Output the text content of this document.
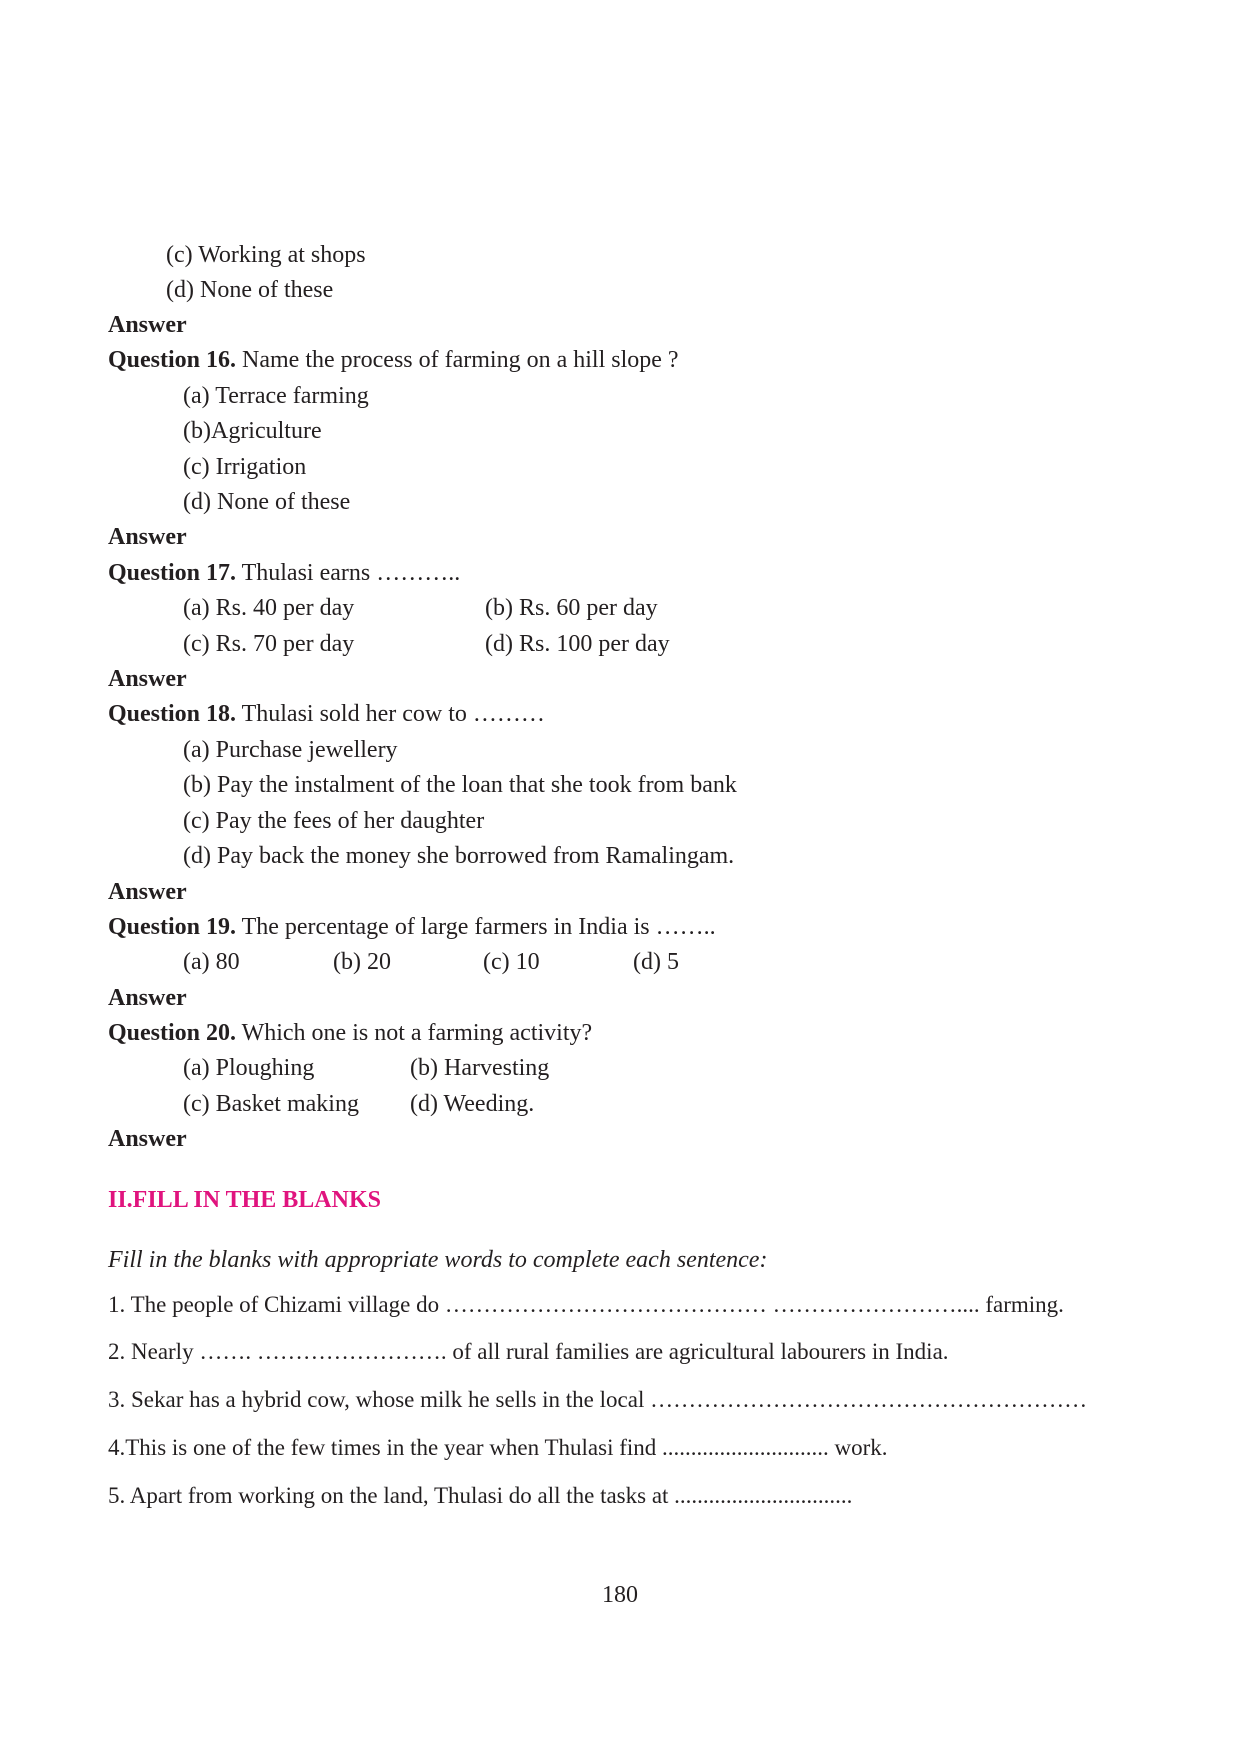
(c) Working at shops
(d) None of these
Answer
Question 16. Name the process of farming on a hill slope ?
(a) Terrace farming
(b)Agriculture
(c) Irrigation
(d) None of these
Answer
Question 17. Thulasi earns ………..
(a) Rs. 40 per day	(b) Rs. 60 per day
(c) Rs. 70 per day	(d) Rs. 100 per day
Answer
Question 18. Thulasi sold her cow to ………
(a) Purchase jewellery
(b) Pay the instalment of the loan that she took from bank
(c) Pay the fees of her daughter
(d) Pay back the money she borrowed from Ramalingam.
Answer
Question 19. The percentage of large farmers in India is ……..
(a) 80	(b) 20	(c) 10	(d) 5
Answer
Question 20. Which one is not a farming activity?
(a) Ploughing	(b) Harvesting
(c) Basket making (d) Weeding.
Answer
II.FILL IN THE BLANKS
Fill in the blanks with appropriate words to complete each sentence:
1. The people of Chizami village do …………………………………… …………………….... farming.
2. Nearly ……. ……………………. of all rural families are agricultural labourers in India.
3. Sekar has a hybrid cow, whose milk he sells in the local …………………………………………………
4.This is one of the few times in the year when Thulasi find ............................. work.
5. Apart from working on the land, Thulasi do all the tasks at ...............................
180
